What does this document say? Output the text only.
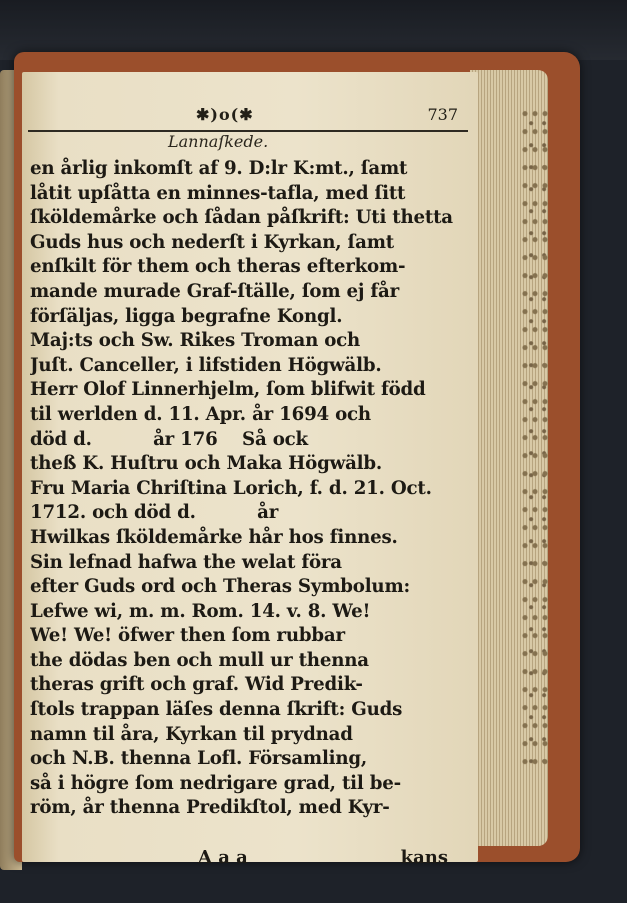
✱)o(✱	737
Lannaſkede.
en årlig inkomſt af 9. D:lr K:mt., ſamt
låtit upſåtta en minnes-tafla, med ſitt
ſköldemårke och ſådan påſkrift: Uti thetta
Guds hus och nederſt i Kyrkan, ſamt
enſkilt för them och theras efterkom-
mande murade Graf-ſtälle, ſom ej får
förſäljas, ligga begrafne Kongl.
Maj:ts och Sw. Rikes Troman och
Juſt. Canceller, i lifstiden Högwälb.
Herr Olof Linnerhjelm, ſom blifwit född
til werlden d. 11. Apr. år 1694 och
död d.          år 176    Så ock
theß K. Huſtru och Maka Högwälb.
Fru Maria Chriſtina Lorich, f. d. 21. Oct.
1712. och död d.          år
Hwilkas ſköldemårke hår hos finnes.
Sin lefnad hafwa the welat föra
efter Guds ord och Theras Symbolum:
Lefwe wi, m. m. Rom. 14. v. 8. We!
We! We! öfwer then ſom rubbar
the dödas ben och mull ur thenna
theras grift och graf. Wid Predik-
ſtols trappan läſes denna ſkrift: Guds
namn til åra, Kyrkan til prydnad
och N.B. thenna Lofl. Församling,
så i högre ſom nedrigare grad, til be-
röm, år thenna Predikſtol, med Kyr-
A a a	kans
